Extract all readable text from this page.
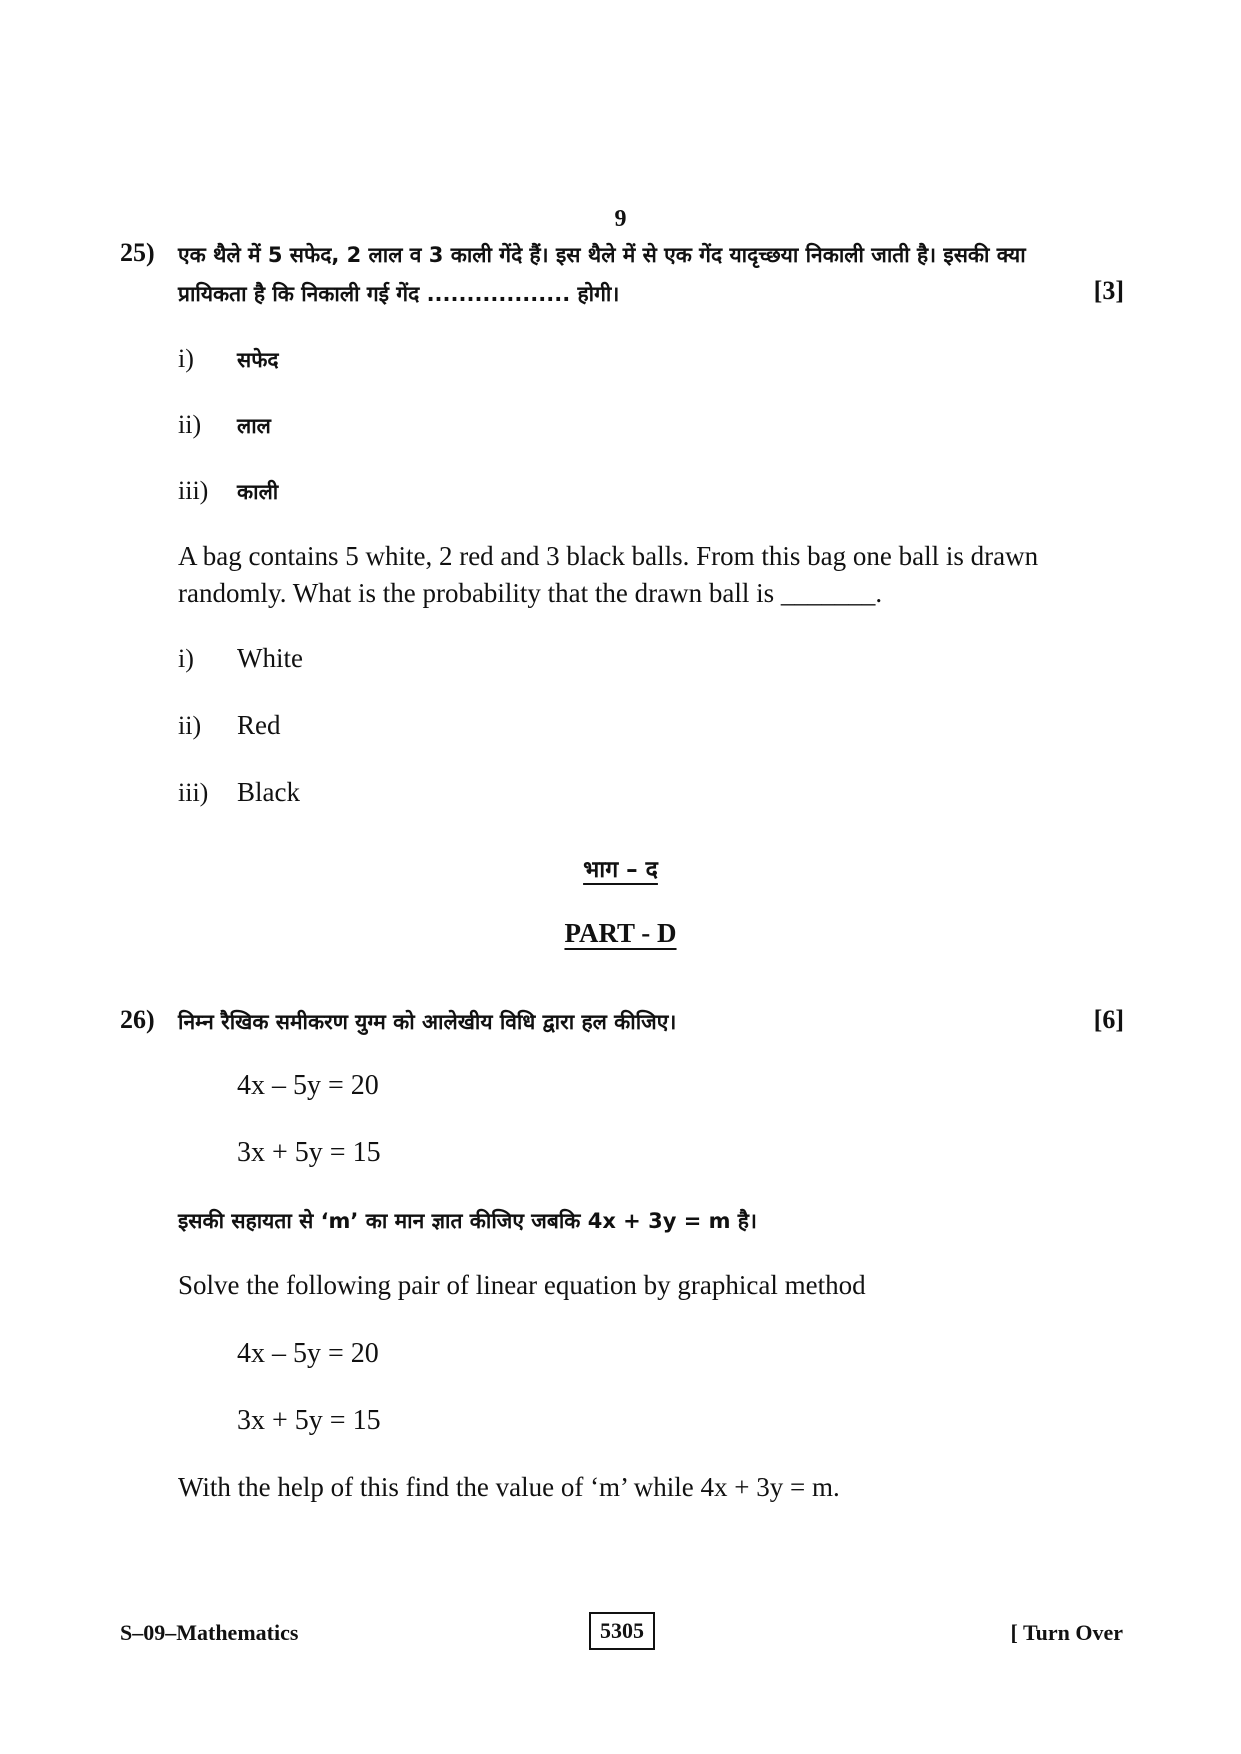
9
25) एक थैले में 5 सफेद, 2 लाल व 3 काली गेंदे हैं। इस थैले में से एक गेंद यादृच्छया निकाली जाती है। इसकी क्या
प्रायिकता है कि निकाली गई गेंद .................. होगी।	[3]
i) सफेद
ii) लाल
iii) काली
A bag contains 5 white, 2 red and 3 black balls. From this bag one ball is drawn
randomly. What is the probability that the drawn ball is _______.
i) White
ii) Red
iii) Black
भाग – द
PART - D
26) निम्न रैखिक समीकरण युग्म को आलेखीय विधि द्वारा हल कीजिए।	[6]
4x – 5y = 20
3x + 5y = 15
इसकी सहायता से ‘m’ का मान ज्ञात कीजिए जबकि 4x + 3y = m है।
Solve the following pair of linear equation by graphical method
4x – 5y = 20
3x + 5y = 15
With the help of this find the value of ‘m’ while 4x + 3y = m.
S–09–Mathematics	5305	[ Turn Over
